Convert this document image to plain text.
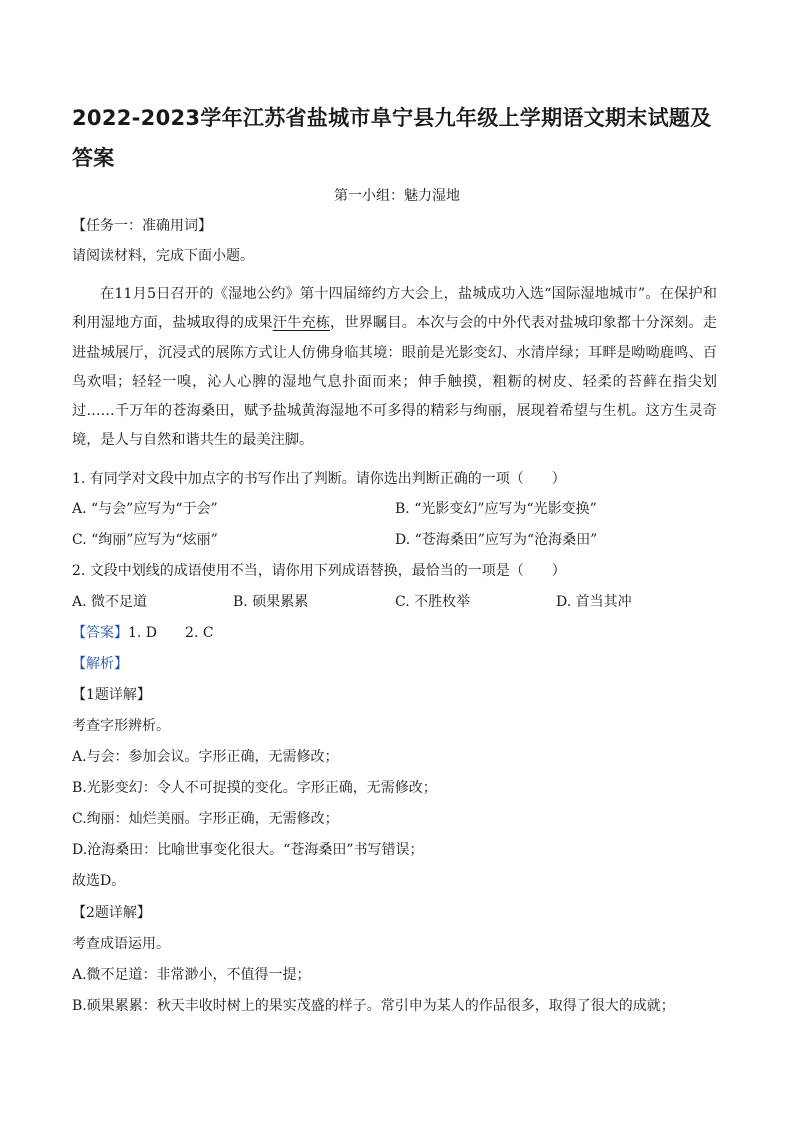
2022-2023学年江苏省盐城市阜宁县九年级上学期语文期末试题及答案
第一小组：魅力湿地
【任务一：准确用词】
请阅读材料，完成下面小题。

在11月5日召开的《湿地公约》第十四届缔约方大会上，盐城成功入选“国际湿地城市”。在保护和利用湿地方面，盐城取得的成果汗牛充栋，世界瞩目。本次与会的中外代表对盐城印象都十分深刻。走进盐城展厅，沉浸式的展陈方式让人仿佛身临其境：眼前是光影变幻、水清岸绿；耳畔是呦呦鹿鸣、百鸟欢唱；轻轻一嗅，沁人心脾的湿地气息扑面而来；伸手触摸，粗粝的树皮、轻柔的苔藓在指尖划过……千万年的苍海桑田，赋予盐城黄海湿地不可多得的精彩与绚丽，展现着希望与生机。这方生灵奇境，是人与自然和谐共生的最美注脚。

1. 有同学对文段中加点字的书写作出了判断。请你选出判断正确的一项（　　）
A. “与会”应写为“于会”	B. “光影变幻”应写为“光影变换”
C. “绚丽”应写为“炫丽”	D. “苍海桑田”应写为“沧海桑田”
2. 文段中划线的成语使用不当，请你用下列成语替换，最恰当的一项是（　　）
A. 微不足道	B. 硕果累累	C. 不胜枚举	D. 首当其冲
【答案】1. D　　2. C
【解析】
【1题详解】
考查字形辨析。
A.与会：参加会议。字形正确，无需修改；
B.光影变幻：令人不可捉摸的变化。字形正确，无需修改；
C.绚丽：灿烂美丽。字形正确，无需修改；
D.沧海桑田：比喻世事变化很大。“苍海桑田”书写错误；
故选D。
【2题详解】
考查成语运用。
A.微不足道：非常渺小，不值得一提；
B.硕果累累：秋天丰收时树上的果实茂盛的样子。常引申为某人的作品很多，取得了很大的成就；
